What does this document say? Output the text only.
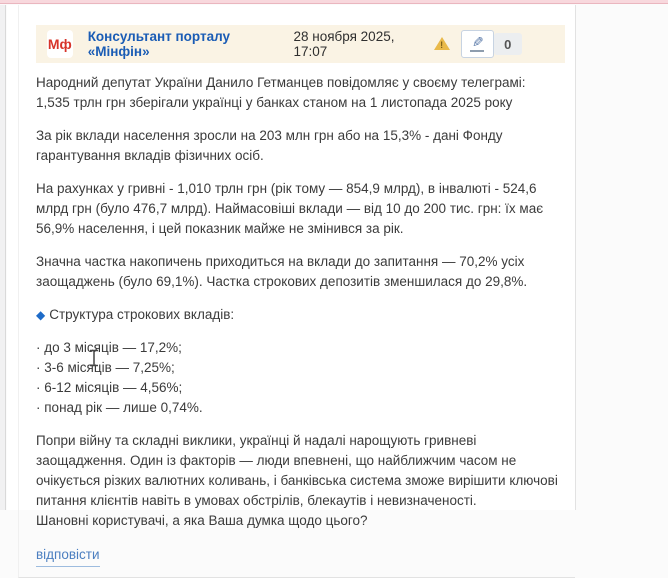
Мф Консультант порталу «Мінфін»
28 ноября 2025, 17:07	!	✎ 0
Народний депутат України Данило Гетманцев повідомляє у своєму телеграмі:
1,535 трлн грн зберігали українці у банках станом на 1 листопада 2025 року
За рік вклади населення зросли на 203 млн грн або на 15,3% - дані Фонду гарантування вкладів фізичних осіб.
На рахунках у гривні - 1,010 трлн грн (рік тому — 854,9 млрд), в інвалюті - 524,6 млрд грн (було 476,7 млрд). Наймасовіші вклади — від 10 до 200 тис. грн: їх має 56,9% населення, і цей показник майже не змінився за рік.
Значна частка накопичень приходиться на вклади до запитання — 70,2% усіх заощаджень (було 69,1%). Частка строкових депозитів зменшилася до 29,8%.
◆ Структура строкових вкладів:
· до 3 місяців — 17,2%;
· 3-6 місяців — 7,25%;
· 6-12 місяців — 4,56%;
· понад рік — лише 0,74%.
Попри війну та складні виклики, українці й надалі нарощують гривневі заощадження. Один із факторів — люди впевнені, що найближчим часом не очікується різких валютних коливань, і банківська система зможе вирішити ключові питання клієнтів навіть в умовах обстрілів, блекаутів і невизначеності.
Шановні користувачі, а яка Ваша думка щодо цього?
відповісти
